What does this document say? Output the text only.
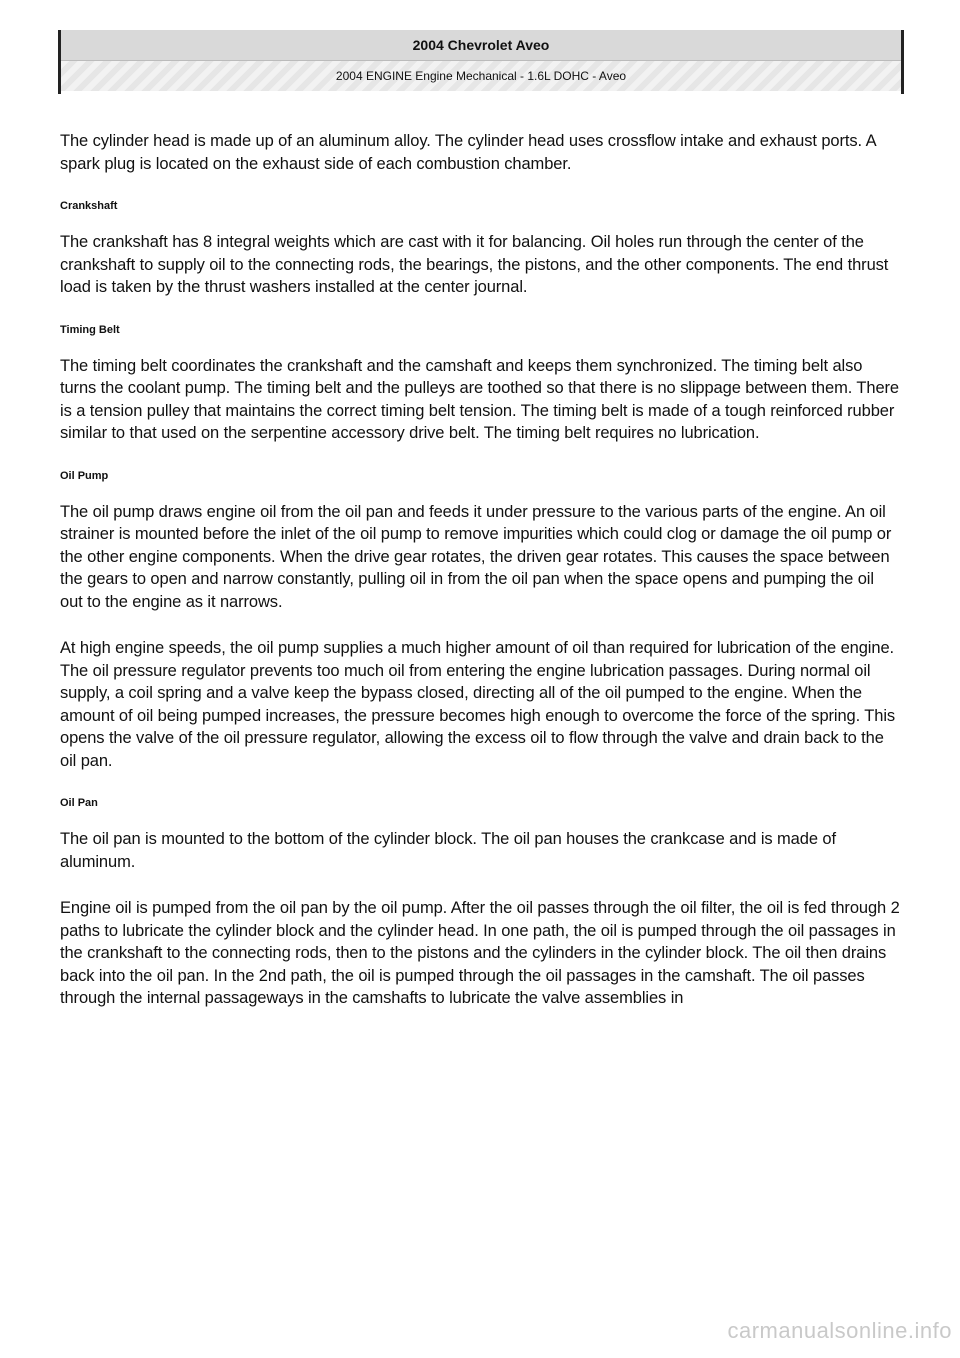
2004 Chevrolet Aveo
2004 ENGINE Engine Mechanical - 1.6L DOHC - Aveo

The cylinder head is made up of an aluminum alloy. The cylinder head uses crossflow intake and exhaust ports. A spark plug is located on the exhaust side of each combustion chamber.

Crankshaft

The crankshaft has 8 integral weights which are cast with it for balancing. Oil holes run through the center of the crankshaft to supply oil to the connecting rods, the bearings, the pistons, and the other components. The end thrust load is taken by the thrust washers installed at the center journal.

Timing Belt

The timing belt coordinates the crankshaft and the camshaft and keeps them synchronized. The timing belt also turns the coolant pump. The timing belt and the pulleys are toothed so that there is no slippage between them. There is a tension pulley that maintains the correct timing belt tension. The timing belt is made of a tough reinforced rubber similar to that used on the serpentine accessory drive belt. The timing belt requires no lubrication.

Oil Pump

The oil pump draws engine oil from the oil pan and feeds it under pressure to the various parts of the engine. An oil strainer is mounted before the inlet of the oil pump to remove impurities which could clog or damage the oil pump or the other engine components. When the drive gear rotates, the driven gear rotates. This causes the space between the gears to open and narrow constantly, pulling oil in from the oil pan when the space opens and pumping the oil out to the engine as it narrows.

At high engine speeds, the oil pump supplies a much higher amount of oil than required for lubrication of the engine. The oil pressure regulator prevents too much oil from entering the engine lubrication passages. During normal oil supply, a coil spring and a valve keep the bypass closed, directing all of the oil pumped to the engine. When the amount of oil being pumped increases, the pressure becomes high enough to overcome the force of the spring. This opens the valve of the oil pressure regulator, allowing the excess oil to flow through the valve and drain back to the oil pan.

Oil Pan

The oil pan is mounted to the bottom of the cylinder block. The oil pan houses the crankcase and is made of aluminum.

Engine oil is pumped from the oil pan by the oil pump. After the oil passes through the oil filter, the oil is fed through 2 paths to lubricate the cylinder block and the cylinder head. In one path, the oil is pumped through the oil passages in the crankshaft to the connecting rods, then to the pistons and the cylinders in the cylinder block. The oil then drains back into the oil pan. In the 2nd path, the oil is pumped through the oil passages in the camshaft. The oil passes through the internal passageways in the camshafts to lubricate the valve assemblies in

carmanualsonline.info
